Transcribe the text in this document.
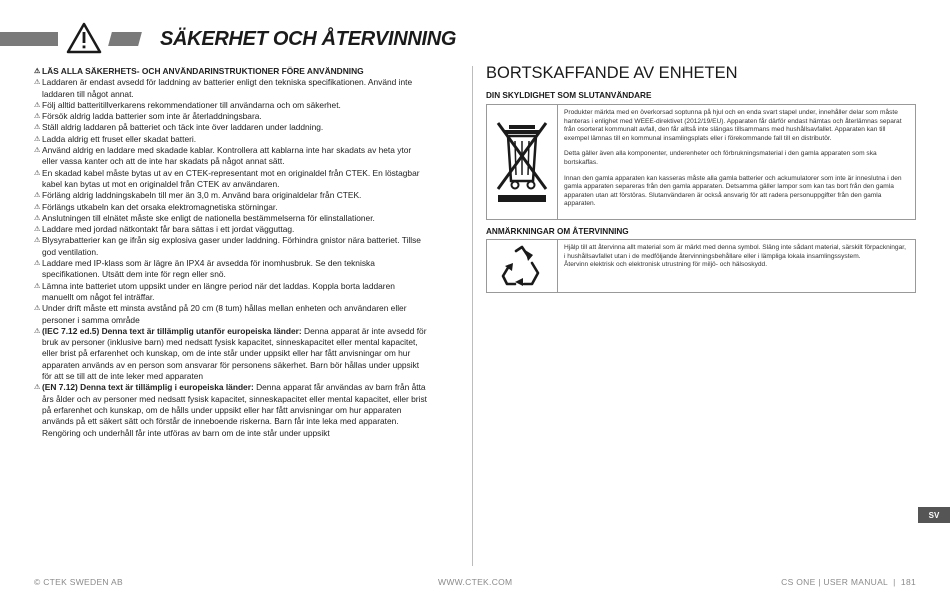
SÄKERHET OCH ÅTERVINNING

⚠ LÄS ALLA SÄKERHETS- OCH ANVÄNDARINSTRUKTIONER FÖRE ANVÄNDNING

⚠ Laddaren är endast avsedd för laddning av batterier enligt den tekniska specifikationen. Använd inte laddaren till något annat.

⚠ Följ alltid batteritillverkarens rekommendationer till användarna och om säkerhet.

⚠ Försök aldrig ladda batterier som inte är återladdningsbara.

⚠ Ställ aldrig laddaren på batteriet och täck inte över laddaren under laddning.

⚠ Ladda aldrig ett fruset eller skadat batteri.

⚠ Använd aldrig en laddare med skadade kablar. Kontrollera att kablarna inte har skadats av heta ytor eller vassa kanter och att de inte har skadats på något annat sätt.

⚠ En skadad kabel måste bytas ut av en CTEK-representant mot en originaldel från CTEK. En löstagbar kabel kan bytas ut mot en originaldel från CTEK av användaren.

⚠ Förläng aldrig laddningskabeln till mer än 3,0 m. Använd bara originaldelar från CTEK.

⚠ Förlängs utkabeln kan det orsaka elektromagnetiska störningar.

⚠ Anslutningen till elnätet måste ske enligt de nationella bestämmelserna för elinstallationer.

⚠ Laddare med jordad nätkontakt får bara sättas i ett jordat vägguttag.

⚠ Blysyrabatterier kan ge ifrån sig explosiva gaser under laddning. Förhindra gnistor nära batteriet. Tillse god ventilation.

⚠ Laddare med IP-klass som är lägre än IPX4 är avsedda för inomhusbruk. Se den tekniska specifikationen. Utsätt dem inte för regn eller snö.

⚠ Lämna inte batteriet utom uppsikt under en längre period när det laddas. Koppla borta laddaren manuellt om något fel inträffar.

⚠ Under drift måste ett minsta avstånd på 20 cm (8 tum) hållas mellan enheten och användaren eller personer i samma område

⚠ (IEC 7.12 ed.5) Denna text är tillämplig utanför europeiska länder: Denna apparat är inte avsedd för bruk av personer (inklusive barn) med nedsatt fysisk kapacitet, sinneskapacitet eller mental kapacitet, eller brist på erfarenhet och kunskap, om de inte står under uppsikt eller har fått anvisningar om hur apparaten används av en person som ansvarar för personens säkerhet. Barn bör hållas under uppsikt för att se till att de inte leker med apparaten

⚠ (EN 7.12) Denna text är tillämplig i europeiska länder: Denna apparat får användas av barn från åtta års ålder och av personer med nedsatt fysisk kapacitet, sinneskapacitet eller mental kapacitet, eller brist på erfarenhet och kunskap, om de hålls under uppsikt eller har fått anvisningar om hur apparaten används på ett säkert sätt och förstår de inneboende riskerna. Barn får inte leka med apparaten. Rengöring och underhåll får inte utföras av barn om de inte står under uppsikt

BORTSKAFFANDE AV ENHETEN
DIN SKYLDIGHET SOM SLUTANVÄNDARE

Produkter märkta med en överkorsad soptunna på hjul och en enda svart stapel under, innehåller delar som måste hanteras i enlighet med WEEE-direktivet (2012/19/EU). Apparaten får därför endast hämtas och återlämnas separat från osorterat kommunalt avfall, den får alltså inte slängas tillsammans med hushållsavfallet. Apparaten kan till exempel lämnas till en kommunal insamlingsplats eller i förekommande fall till en distributör.

Detta gäller även alla komponenter, underenheter och förbrukningsmaterial i den gamla apparaten som ska bortskaffas.

Innan den gamla apparaten kan kasseras måste alla gamla batterier och ackumulatorer som inte är inneslutna i den gamla apparaten separeras från den gamla apparaten. Detsamma gäller lampor som kan tas bort från den gamla apparaten utan att förstöras. Slutanvändaren är också ansvarig för att radera personuppgifter från den gamla apparaten.

ANMÄRKNINGAR OM ÅTERVINNING

Hjälp till att återvinna allt material som är märkt med denna symbol. Släng inte sådant material, särskilt förpackningar, i hushållsavfallet utan i de medföljande återvinningsbehållare eller i lämpliga lokala insamlingssystem.
Återvinn elektrisk och elektronisk utrustning för miljö- och hälsoskydd.

SV
© CTEK SWEDEN AB	WWW.CTEK.COM	CS ONE | USER MANUAL  |  181
